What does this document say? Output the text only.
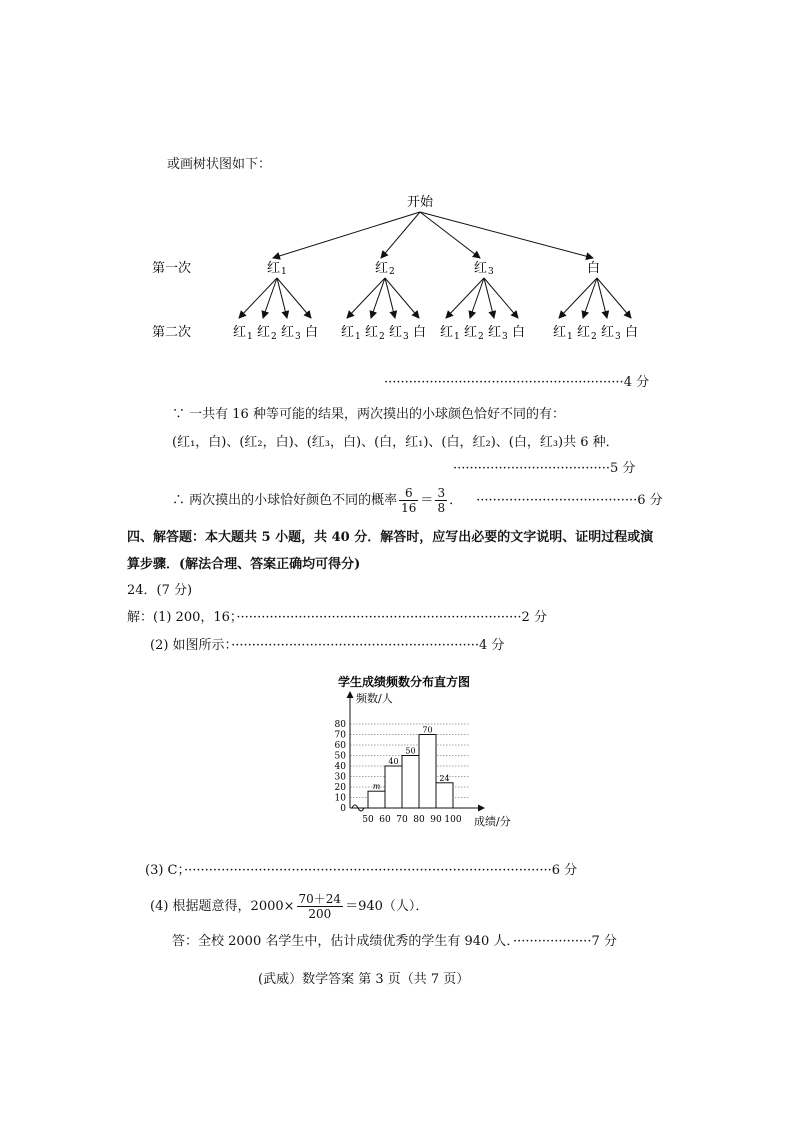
或画树状图如下：
开始
第一次
第二次
红1
红$_1$ 红$_2$ 红$_3$ 白
红2
红$_1$ 红$_2$ 红$_3$ 白
红3
红$_1$ 红$_2$ 红$_3$ 白
白
红$_1$ 红$_2$ 红$_3$ 白
··························································4 分
∵ 一共有 16 种等可能的结果，两次摸出的小球颜色恰好不同的有：
(红₁，白)、(红₂，白)、(红₃，白)、(白，红₁)、(白，红₂)、(白，红₃)共 6 种．
······································5 分
∴ 两次摸出的小球恰好颜色不同的概率 $\frac{6}{16} = \frac{3}{8}$ ． ······································· 6 分
四、解答题：本大题共 5 小题，共 40 分．解答时，应写出必要的文字说明、证明过程或演
算步骤．(解法合理、答案正确均可得分)
24．(7 分)
解：(1) 200，16；·····································································2 分
(2) 如图所示：····························································4 分
学生成绩频数分布直方图
频数/人
成绩/分
m
40
50
70
24
0
10
20
30
40
50
60
70
80
50 60 70 80 90 100
(3) C；·························································································6 分
(4) 根据题意得，$2000\times \frac{70+24}{200} =940$（人）．
答：全校 2000 名学生中，估计成绩优秀的学生有 940 人．···················7 分
(武威）数学答案 第 3 页（共 7 页）
